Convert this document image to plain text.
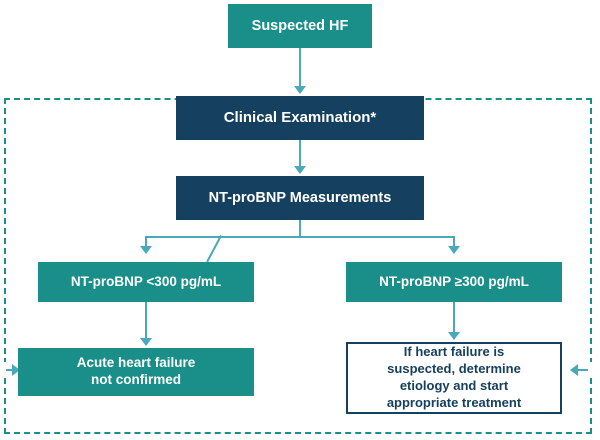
Suspected HF
Clinical Examination*
NT-proBNP Measurements
NT-proBNP <300 pg/mL	NT-proBNP ≥300 pg/mL
Acute heart failure
not confirmed
If heart failure is
suspected, determine
etiology and start
appropriate treatment
